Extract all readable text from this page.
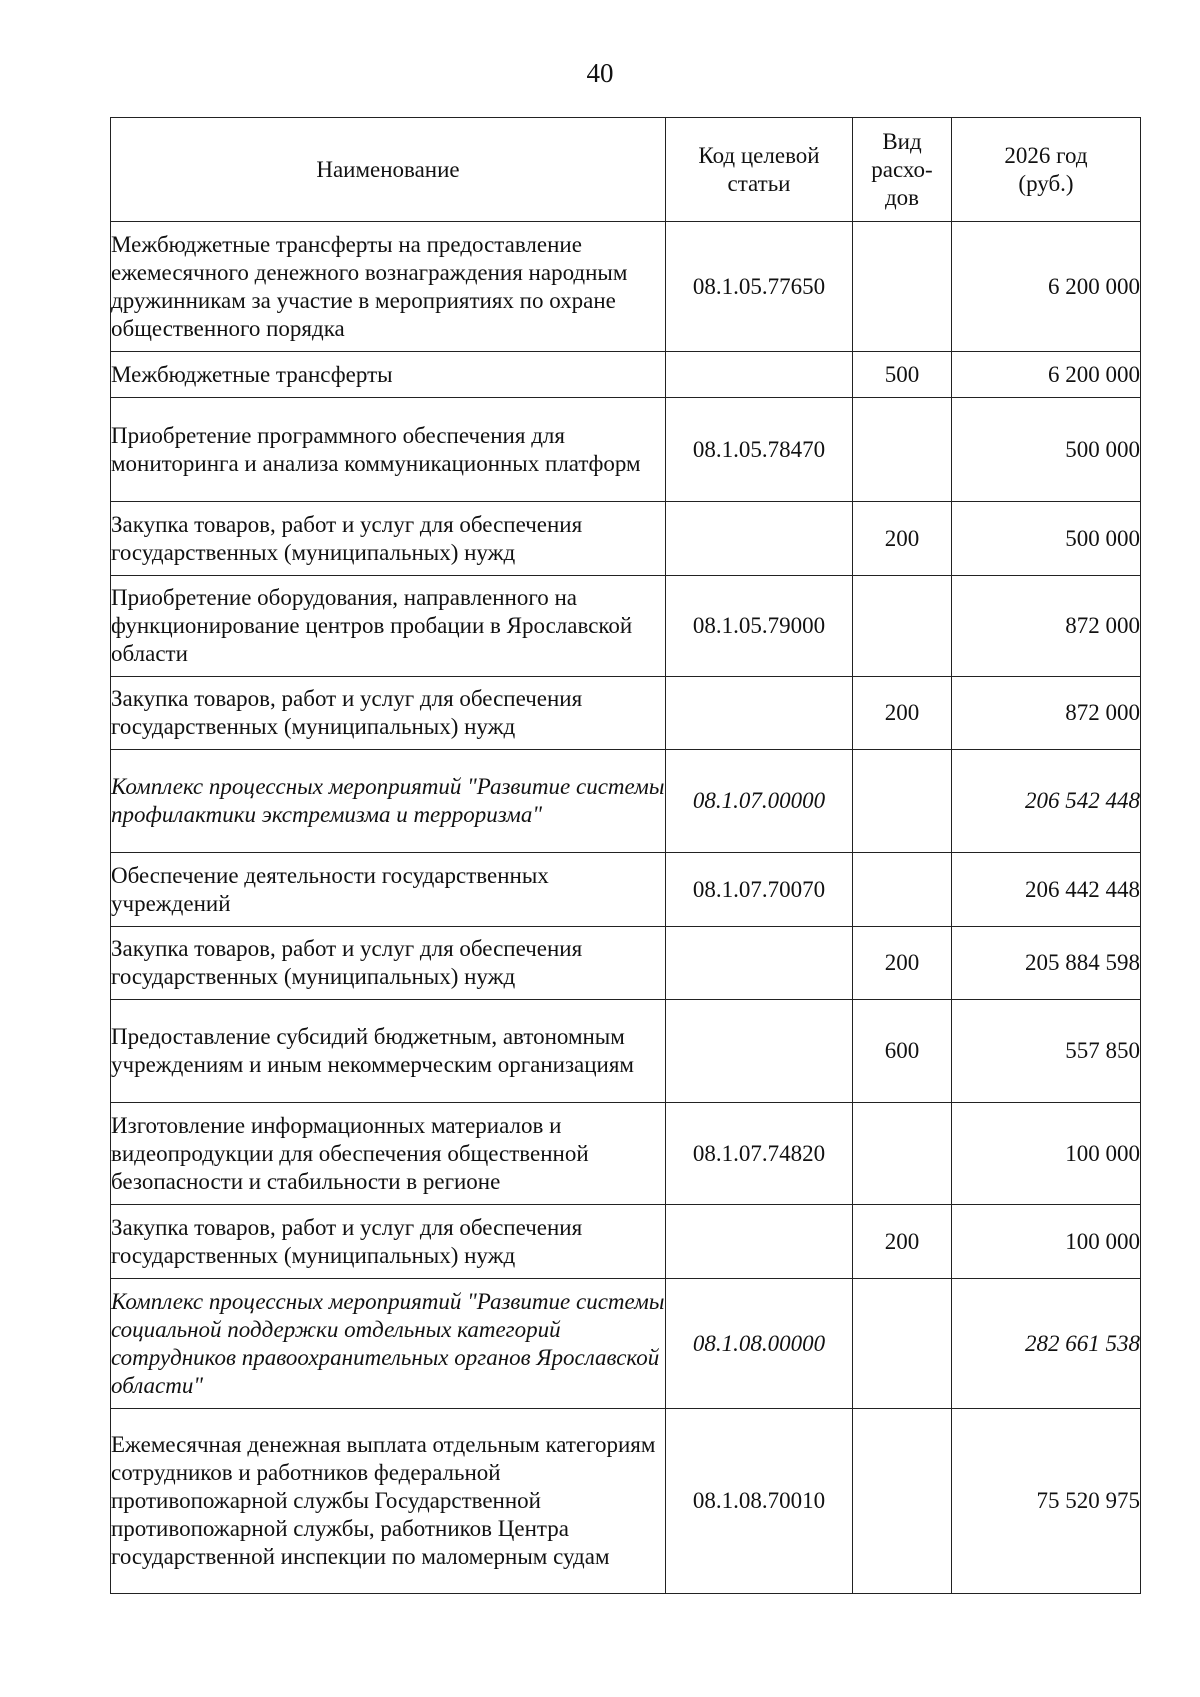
40
Наименование	Код целевой статьи	Вид расхо-дов	2026 год (руб.)
Межбюджетные трансферты на предоставление ежемесячного денежного вознаграждения народным дружинникам за участие в мероприятиях по охране общественного порядка	08.1.05.77650		6 200 000
Межбюджетные трансферты		500	6 200 000
Приобретение программного обеспечения для мониторинга и анализа коммуникационных платформ	08.1.05.78470		500 000
Закупка товаров, работ и услуг для обеспечения государственных (муниципальных) нужд		200	500 000
Приобретение оборудования, направленного на функционирование центров пробации в Ярославской области	08.1.05.79000		872 000
Закупка товаров, работ и услуг для обеспечения государственных (муниципальных) нужд		200	872 000
Комплекс процессных мероприятий "Развитие системы профилактики экстремизма и терроризма"	08.1.07.00000		206 542 448
Обеспечение деятельности государственных учреждений	08.1.07.70070		206 442 448
Закупка товаров, работ и услуг для обеспечения государственных (муниципальных) нужд		200	205 884 598
Предоставление субсидий бюджетным, автономным учреждениям и иным некоммерческим организациям		600	557 850
Изготовление информационных материалов и видеопродукции для обеспечения общественной безопасности и стабильности в регионе	08.1.07.74820		100 000
Закупка товаров, работ и услуг для обеспечения государственных (муниципальных) нужд		200	100 000
Комплекс процессных мероприятий "Развитие системы социальной поддержки отдельных категорий сотрудников правоохранительных органов Ярославской области"	08.1.08.00000		282 661 538
Ежемесячная денежная выплата отдельным категориям сотрудников и работников федеральной противопожарной службы Государственной противопожарной службы, работников Центра государственной инспекции по маломерным судам	08.1.08.70010		75 520 975
